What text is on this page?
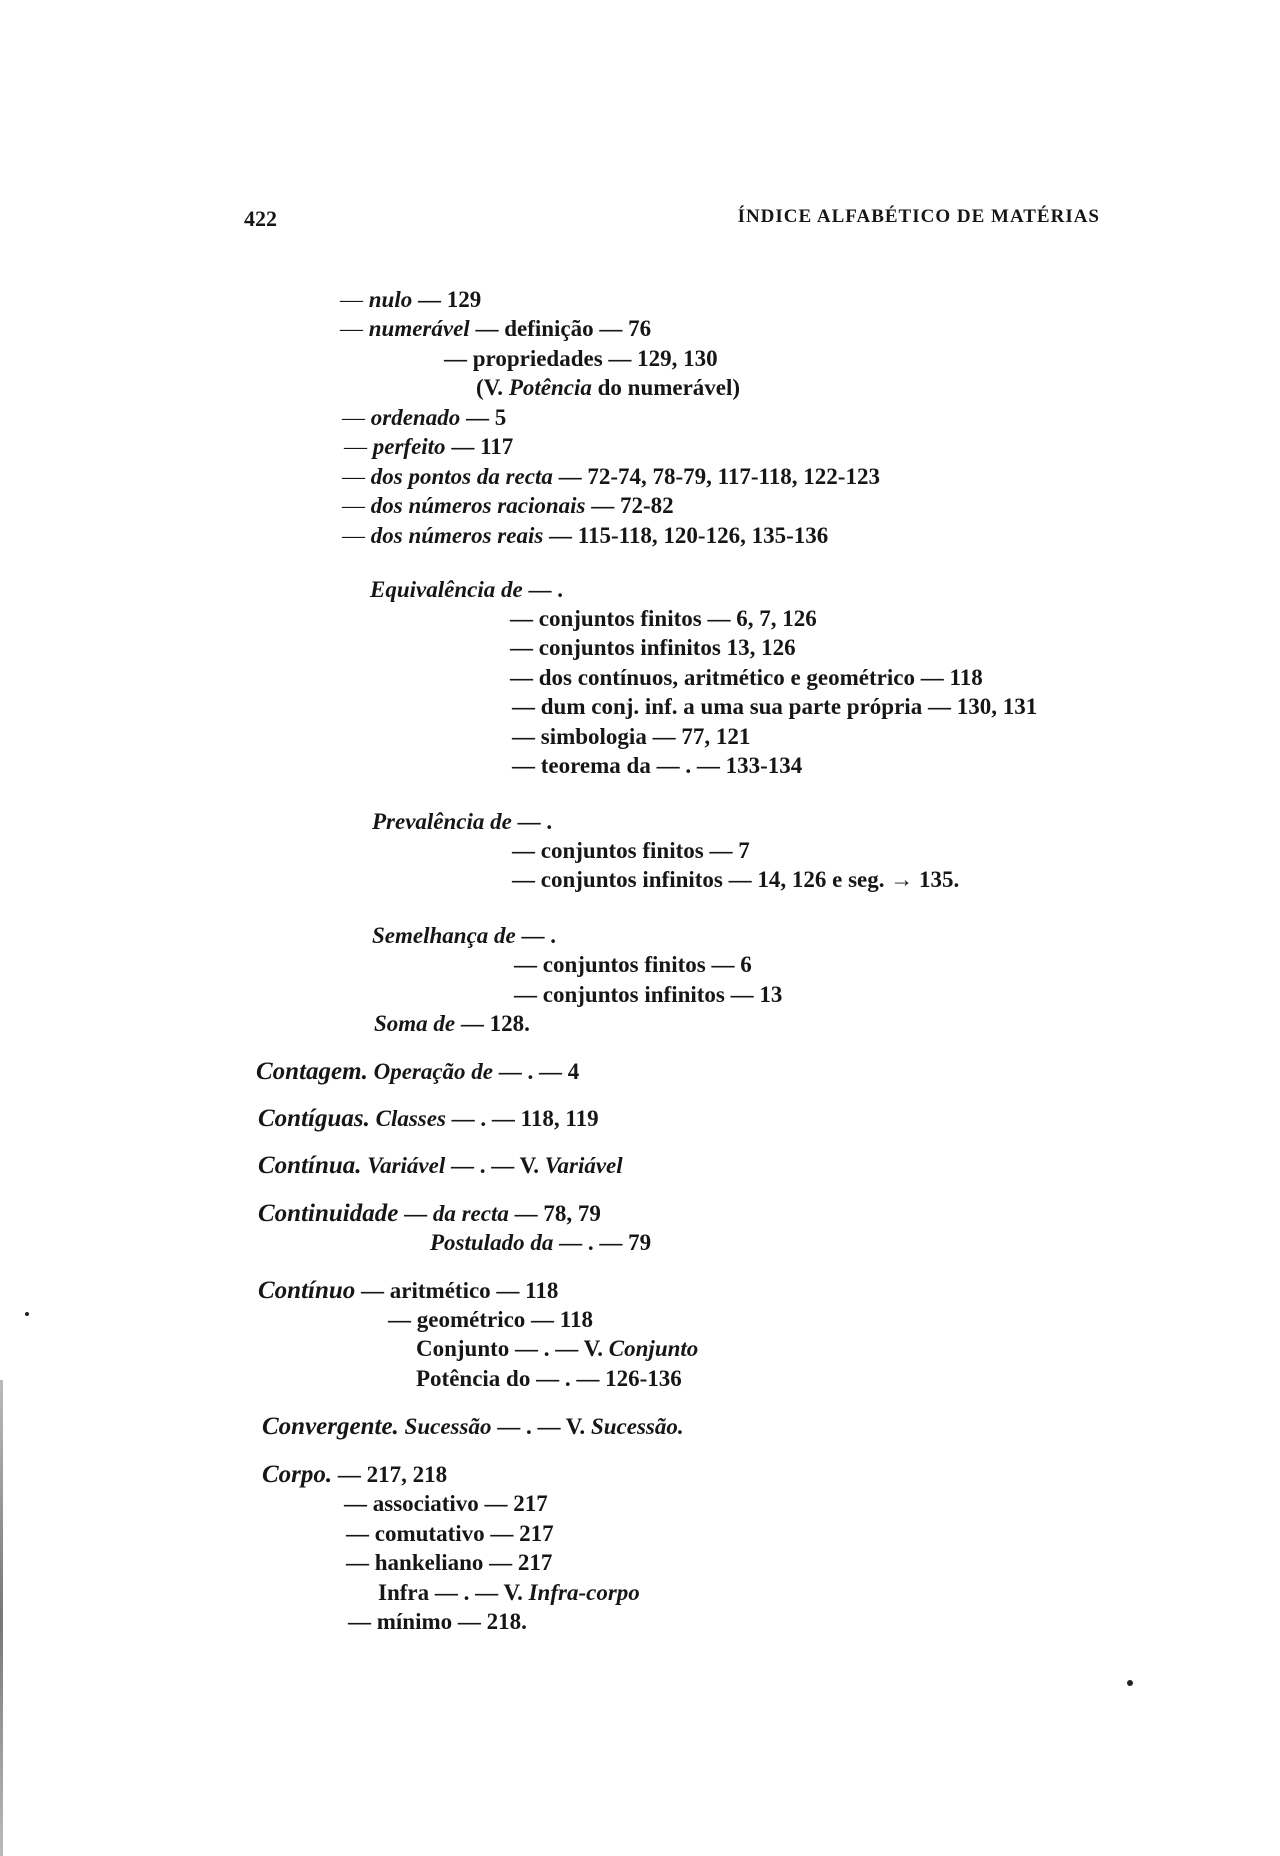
422	ÍNDICE ALFABÉTICO DE MATÉRIAS
— nulo — 129
— numerável — definição — 76
— propriedades — 129, 130
(V. Potência do numerável)
— ordenado — 5
— perfeito — 117
— dos pontos da recta — 72-74, 78-79, 117-118, 122-123
— dos números racionais — 72-82
— dos números reais — 115-118, 120-126, 135-136
Equivalência de — .
— conjuntos finitos — 6, 7, 126
— conjuntos infinitos 13, 126
— dos contínuos, aritmético e geométrico — 118
— dum conj. inf. a uma sua parte própria — 130, 131
— simbologia — 77, 121
— teorema da — . — 133-134
Prevalência de — .
— conjuntos finitos — 7
— conjuntos infinitos — 14, 126 e seg. → 135.
Semelhança de — .
— conjuntos finitos — 6
— conjuntos infinitos — 13
Soma de — 128.
Contagem. Operação de — . — 4
Contíguas. Classes — . — 118, 119
Contínua. Variável — . — V. Variável
Continuidade — da recta — 78, 79
Postulado da — . — 79
Contínuo — aritmético — 118
— geométrico — 118
Conjunto — . — V. Conjunto
Potência do — . — 126-136
Convergente. Sucessão — . — V. Sucessão.
Corpo. — 217, 218
— associativo — 217
— comutativo — 217
— hankeliano — 217
Infra — . — V. Infra-corpo
— mínimo — 218.
